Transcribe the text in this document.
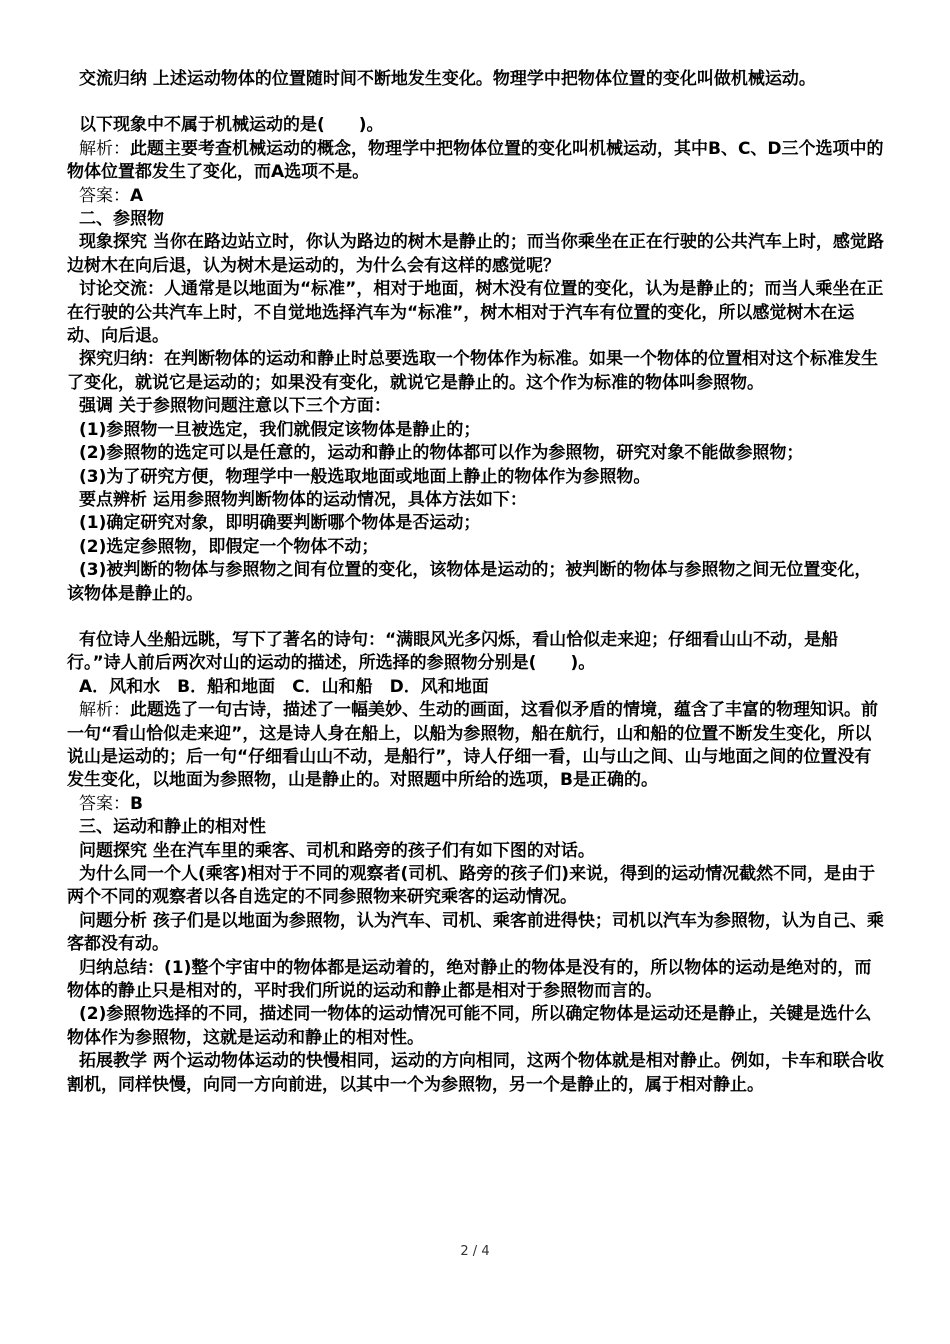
交流归纳 上述运动物体的位置随时间不断地发生变化。物理学中把物体位置的变化叫做机械运动。

以下现象中不属于机械运动的是(　　)。

解析：此题主要考查机械运动的概念，物理学中把物体位置的变化叫机械运动，其中B、C、D三个选项中的物体位置都发生了变化，而A选项不是。

答案：A

二、参照物

现象探究 当你在路边站立时，你认为路边的树木是静止的；而当你乘坐在正在行驶的公共汽车上时，感觉路边树木在向后退，认为树木是运动的，为什么会有这样的感觉呢？

讨论交流：人通常是以地面为“标准”，相对于地面，树木没有位置的变化，认为是静止的；而当人乘坐在正在行驶的公共汽车上时，不自觉地选择汽车为“标准”，树木相对于汽车有位置的变化，所以感觉树木在运动、向后退。

探究归纳：在判断物体的运动和静止时总要选取一个物体作为标准。如果一个物体的位置相对这个标准发生了变化，就说它是运动的；如果没有变化，就说它是静止的。这个作为标准的物体叫参照物。

强调 关于参照物问题注意以下三个方面：

(1)参照物一旦被选定，我们就假定该物体是静止的；

(2)参照物的选定可以是任意的，运动和静止的物体都可以作为参照物，研究对象不能做参照物；

(3)为了研究方便，物理学中一般选取地面或地面上静止的物体作为参照物。

要点辨析 运用参照物判断物体的运动情况，具体方法如下：

(1)确定研究对象，即明确要判断哪个物体是否运动；

(2)选定参照物，即假定一个物体不动；

(3)被判断的物体与参照物之间有位置的变化，该物体是运动的；被判断的物体与参照物之间无位置变化，该物体是静止的。

有位诗人坐船远眺，写下了著名的诗句：“满眼风光多闪烁，看山恰似走来迎；仔细看山山不动，是船行。”诗人前后两次对山的运动的描述，所选择的参照物分别是(　　)。

A．风和水　B．船和地面　C．山和船　D．风和地面

解析：此题选了一句古诗，描述了一幅美妙、生动的画面，这看似矛盾的情境，蕴含了丰富的物理知识。前一句“看山恰似走来迎”，这是诗人身在船上，以船为参照物，船在航行，山和船的位置不断发生变化，所以说山是运动的；后一句“仔细看山山不动，是船行”，诗人仔细一看，山与山之间、山与地面之间的位置没有发生变化，以地面为参照物，山是静止的。对照题中所给的选项，B是正确的。

答案：B

三、运动和静止的相对性

问题探究 坐在汽车里的乘客、司机和路旁的孩子们有如下图的对话。

为什么同一个人(乘客)相对于不同的观察者(司机、路旁的孩子们)来说，得到的运动情况截然不同，是由于两个不同的观察者以各自选定的不同参照物来研究乘客的运动情况。

问题分析 孩子们是以地面为参照物，认为汽车、司机、乘客前进得快；司机以汽车为参照物，认为自己、乘客都没有动。

归纳总结：(1)整个宇宙中的物体都是运动着的，绝对静止的物体是没有的，所以物体的运动是绝对的，而物体的静止只是相对的，平时我们所说的运动和静止都是相对于参照物而言的。

(2)参照物选择的不同，描述同一物体的运动情况可能不同，所以确定物体是运动还是静止，关键是选什么物体作为参照物，这就是运动和静止的相对性。

拓展教学 两个运动物体运动的快慢相同，运动的方向相同，这两个物体就是相对静止。例如，卡车和联合收割机，同样快慢，向同一方向前进，以其中一个为参照物，另一个是静止的，属于相对静止。

2 / 4
